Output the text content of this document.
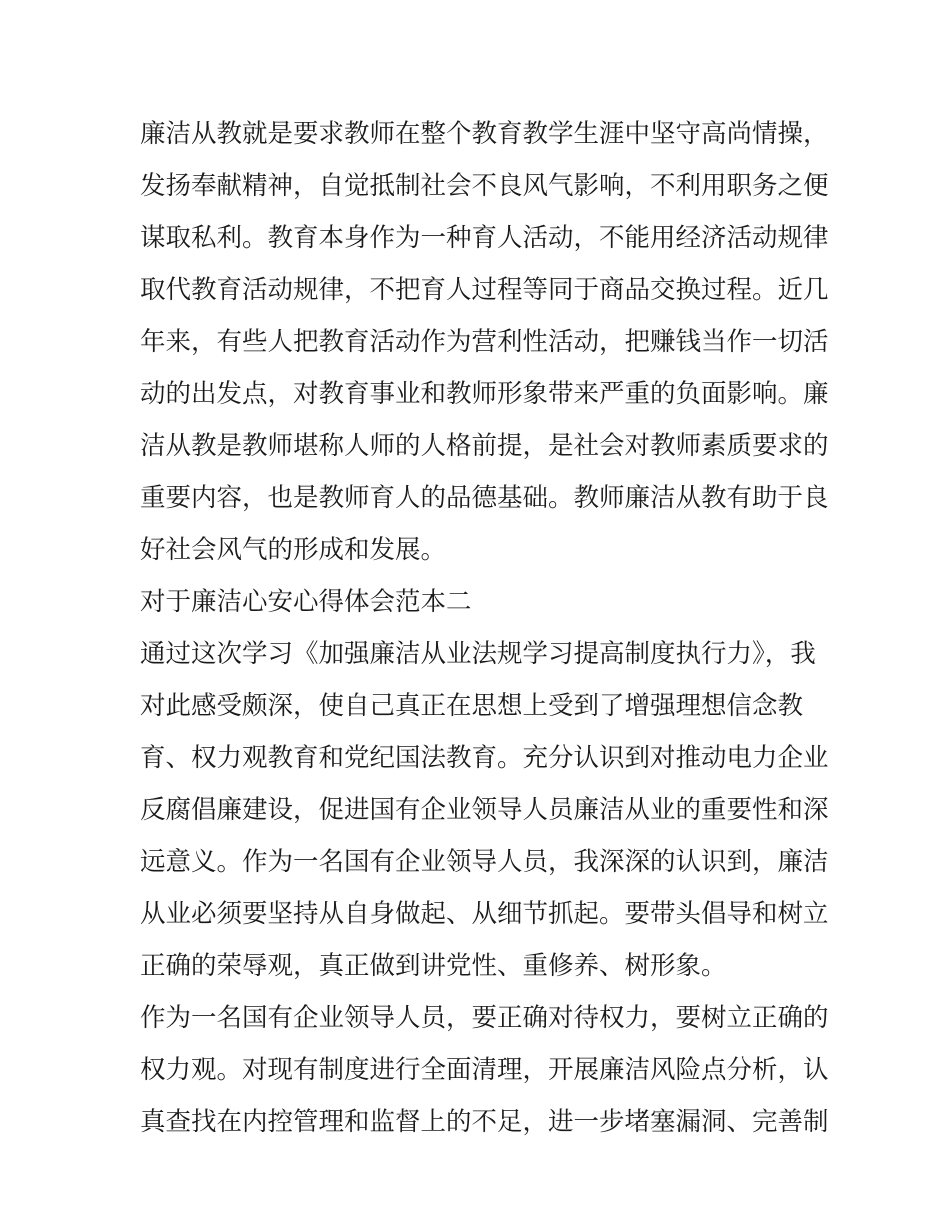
廉洁从教就是要求教师在整个教育教学生涯中坚守高尚情操，
发扬奉献精神，自觉抵制社会不良风气影响，不利用职务之便
谋取私利。教育本身作为一种育人活动，不能用经济活动规律
取代教育活动规律，不把育人过程等同于商品交换过程。近几
年来，有些人把教育活动作为营利性活动，把赚钱当作一切活
动的出发点，对教育事业和教师形象带来严重的负面影响。廉
洁从教是教师堪称人师的人格前提，是社会对教师素质要求的
重要内容，也是教师育人的品德基础。教师廉洁从教有助于良
好社会风气的形成和发展。
对于廉洁心安心得体会范本二
通过这次学习《加强廉洁从业法规学习提高制度执行力》，我
对此感受颇深，使自己真正在思想上受到了增强理想信念教
育、权力观教育和党纪国法教育。充分认识到对推动电力企业
反腐倡廉建设，促进国有企业领导人员廉洁从业的重要性和深
远意义。作为一名国有企业领导人员，我深深的认识到，廉洁
从业必须要坚持从自身做起、从细节抓起。要带头倡导和树立
正确的荣辱观，真正做到讲党性、重修养、树形象。
作为一名国有企业领导人员，要正确对待权力，要树立正确的
权力观。对现有制度进行全面清理，开展廉洁风险点分析，认
真查找在内控管理和监督上的不足，进一步堵塞漏洞、完善制
